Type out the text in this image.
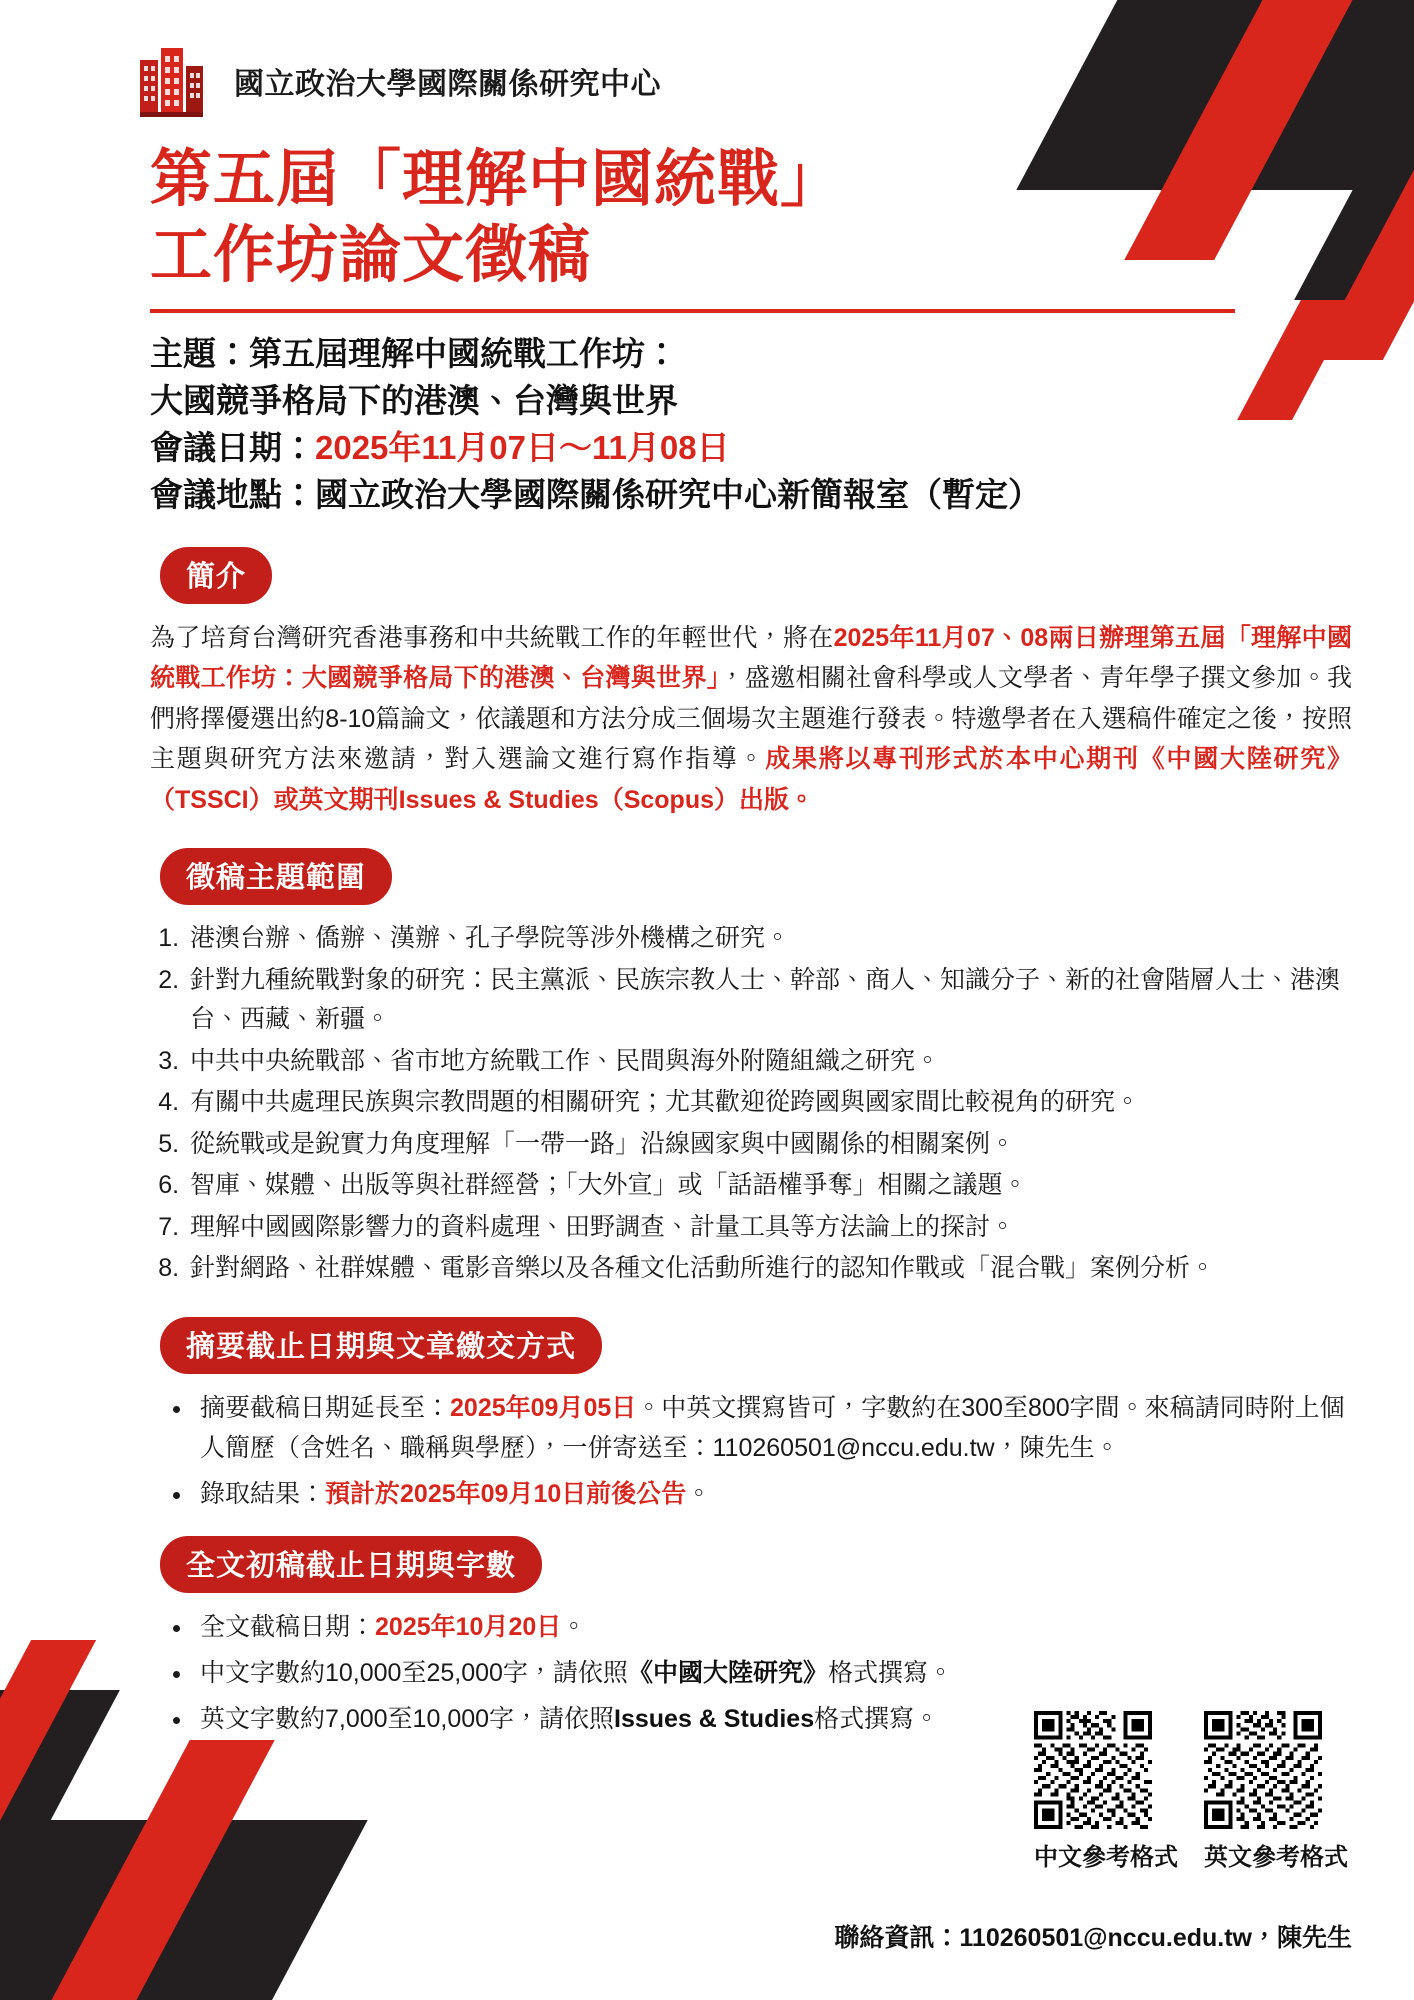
國立政治大學國際關係研究中心
第五屆「理解中國統戰」
工作坊論文徵稿
主題：第五屆理解中國統戰工作坊：
大國競爭格局下的港澳、台灣與世界
會議日期：2025年11月07日～11月08日
會議地點：國立政治大學國際關係研究中心新簡報室（暫定）
簡介

為了培育台灣研究香港事務和中共統戰工作的年輕世代，將在2025年11月07、08兩日辦理第五屆「理解中國統戰工作坊：大國競爭格局下的港澳、台灣與世界」，盛邀相關社會科學或人文學者、青年學子撰文參加。我們將擇優選出約8-10篇論文，依議題和方法分成三個場次主題進行發表。特邀學者在入選稿件確定之後，按照主題與研究方法來邀請，對入選論文進行寫作指導。成果將以專刊形式於本中心期刊《中國大陸研究》（TSSCI）或英文期刊Issues & Studies（Scopus）出版。

徵稿主題範圍
1. 港澳台辦、僑辦、漢辦、孔子學院等涉外機構之研究。
2. 針對九種統戰對象的研究：民主黨派、民族宗教人士、幹部、商人、知識分子、新的社會階層人士、港澳台、西藏、新疆。
3. 中共中央統戰部、省市地方統戰工作、民間與海外附隨組織之研究。
4. 有關中共處理民族與宗教問題的相關研究；尤其歡迎從跨國與國家間比較視角的研究。
5. 從統戰或是銳實力角度理解「一帶一路」沿線國家與中國關係的相關案例。
6. 智庫、媒體、出版等與社群經營；「大外宣」或「話語權爭奪」相關之議題。
7. 理解中國國際影響力的資料處理、田野調查、計量工具等方法論上的探討。
8. 針對網路、社群媒體、電影音樂以及各種文化活動所進行的認知作戰或「混合戰」案例分析。
摘要截止日期與文章繳交方式
• 摘要截稿日期延長至：2025年09月05日。中英文撰寫皆可，字數約在300至800字間。來稿請同時附上個人簡歷（含姓名、職稱與學歷），一併寄送至：110260501@nccu.edu.tw，陳先生。
• 錄取結果：預計於2025年09月10日前後公告。
全文初稿截止日期與字數
• 全文截稿日期：2025年10月20日。
• 中文字數約10,000至25,000字，請依照《中國大陸研究》格式撰寫。
• 英文字數約7,000至10,000字，請依照Issues & Studies格式撰寫。
中文參考格式 英文參考格式
聯絡資訊：110260501@nccu.edu.tw，陳先生
